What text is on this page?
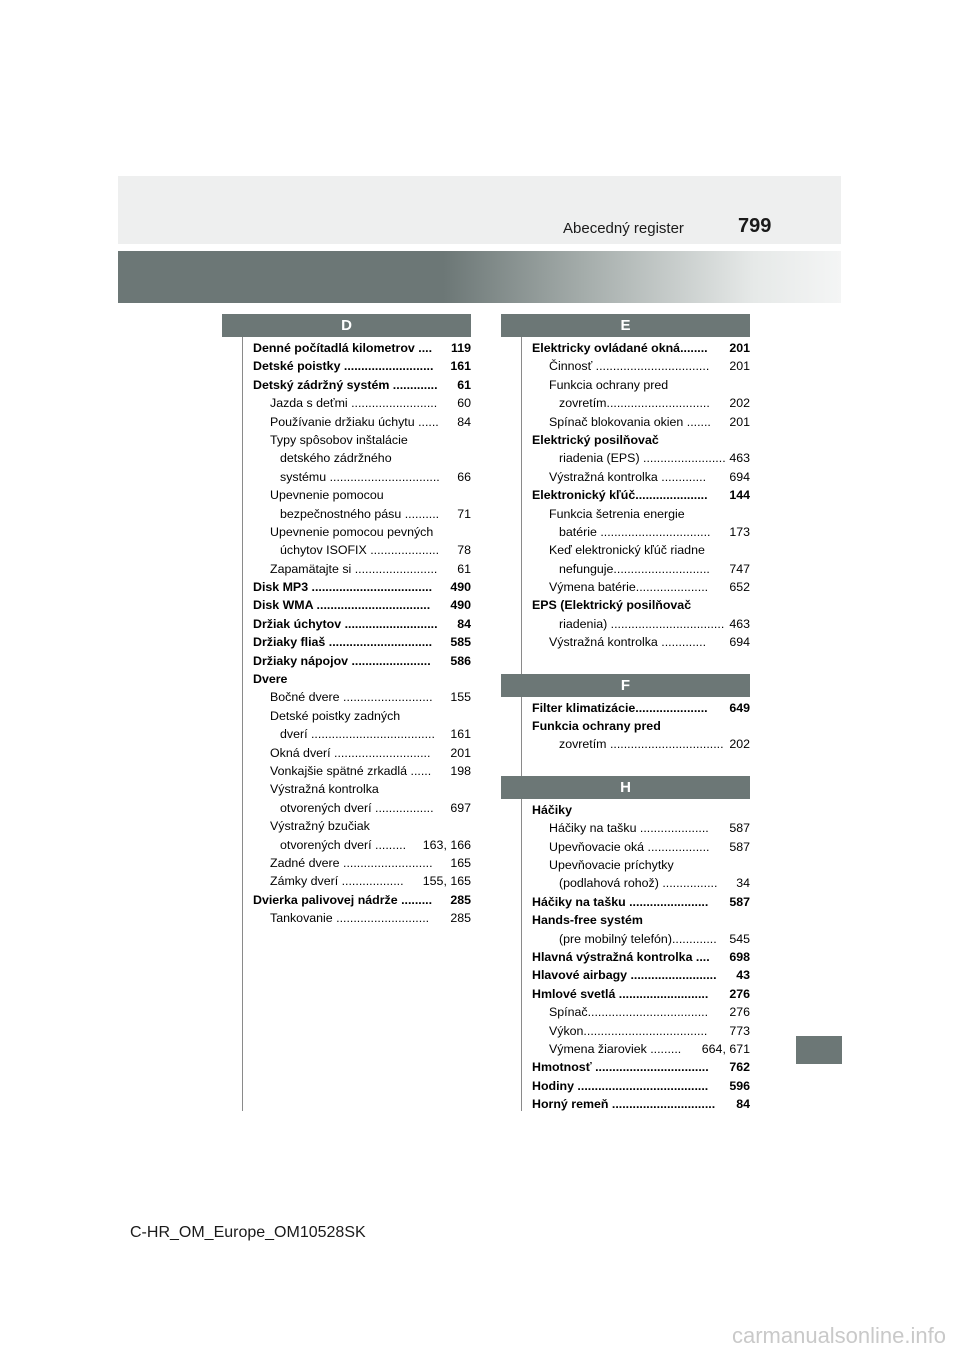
Abecedný register	799
D
Denné počítadlá kilometrov .... 119
Detské poistky .......................... 161
Detský zádržný systém ............. 61
Jazda s deťmi ......................... 60
Používanie držiaku úchytu ...... 84
Typy spôsobov inštalácie
detského zádržného
systému ................................ 66
Upevnenie pomocou
bezpečnostného pásu .......... 71
Upevnenie pomocou pevných
úchytov ISOFIX .................... 78
Zapamätajte si ........................ 61
Disk MP3 ................................... 490
Disk WMA ................................. 490
Držiak úchytov ........................... 84
Držiaky fliaš .............................. 585
Držiaky nápojov ....................... 586
Dvere
Bočné dvere .......................... 155
Detské poistky zadných
dverí .................................... 161
Okná dverí ............................ 201
Vonkajšie spätné zrkadlá ...... 198
Výstražná kontrolka
otvorených dverí ................. 697
Výstražný bzučiak
otvorených dverí ......... 163, 166
Zadné dvere .......................... 165
Zámky dverí .................. 155, 165
Dvierka palivovej nádrže ......... 285
Tankovanie ........................... 285
E
Elektricky ovládané okná........ 201
Činnosť ................................. 201
Funkcia ochrany pred
zovretím.............................. 202
Spínač blokovania okien ....... 201
Elektrický posilňovač
riadenia (EPS) ........................ 463
Výstražná kontrolka ............. 694
Elektronický kľúč..................... 144
Funkcia šetrenia energie
batérie ................................ 173
Keď elektronický kľúč riadne
nefunguje............................ 747
Výmena batérie..................... 652
EPS (Elektrický posilňovač
riadenia) ................................. 463
Výstražná kontrolka ............. 694
F
Filter klimatizácie..................... 649
Funkcia ochrany pred
zovretím ................................. 202
H
Háčiky
Háčiky na tašku .................... 587
Upevňovacie oká .................. 587
Upevňovacie príchytky
(podlahová rohož) ................ 34
Háčiky na tašku ....................... 587
Hands-free systém
(pre mobilný telefón)............. 545
Hlavná výstražná kontrolka .... 698
Hlavové airbagy ......................... 43
Hmlové svetlá .......................... 276
Spínač................................... 276
Výkon.................................... 773
Výmena žiaroviek ......... 664, 671
Hmotnosť ................................. 762
Hodiny ...................................... 596
Horný remeň .............................. 84
C-HR_OM_Europe_OM10528SK
carmanualsonline.info
